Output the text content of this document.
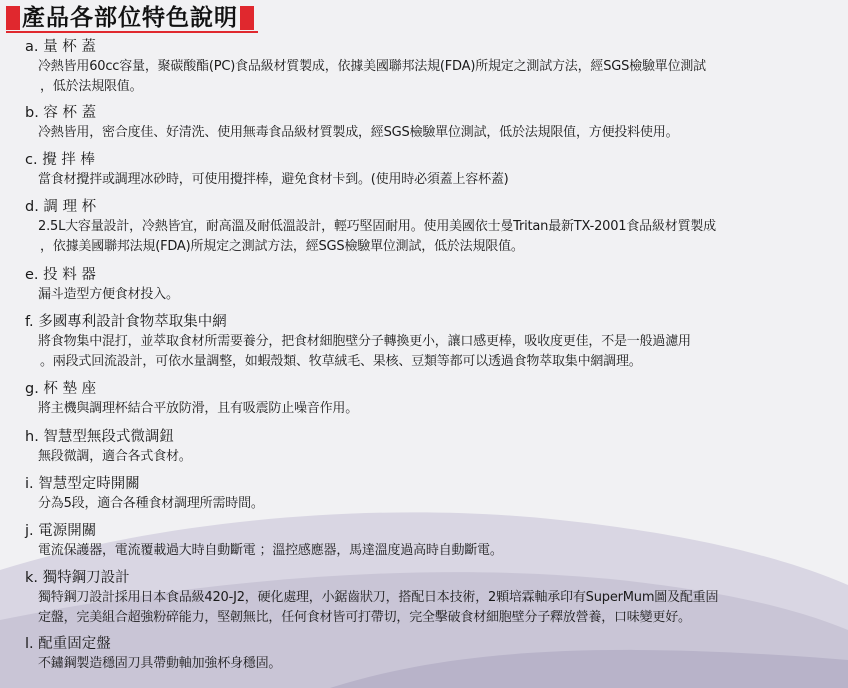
產品各部位特色說明
a. 量 杯 蓋
冷熱皆用60cc容量，聚碳酸酯(PC)食品級材質製成，依據美國聯邦法規(FDA)所規定之測試方法，經SGS檢驗單位測試
，低於法規限值。
b. 容 杯 蓋
冷熱皆用，密合度佳、好清洗、使用無毒食品級材質製成，經SGS檢驗單位測試，低於法規限值，方便投料使用。
c. 攪 拌 棒
當食材攪拌或調理冰砂時，可使用攪拌棒，避免食材卡到。(使用時必須蓋上容杯蓋)
d. 調 理 杯
2.5L大容量設計，冷熱皆宜，耐高溫及耐低溫設計，輕巧堅固耐用。使用美國依士曼Tritan最新TX-2001食品級材質製成
，依據美國聯邦法規(FDA)所規定之測試方法，經SGS檢驗單位測試，低於法規限值。
e. 投 料 器
漏斗造型方便食材投入。
f. 多國專利設計食物萃取集中網
將食物集中混打，並萃取食材所需要養分，把食材細胞壁分子轉換更小，讓口感更棒，吸收度更佳，不是一般過濾用
。兩段式回流設計，可依水量調整，如蝦殼類、牧草絨毛、果核、豆類等都可以透過食物萃取集中網調理。
g. 杯 墊 座
將主機與調理杯結合平放防滑，且有吸震防止噪音作用。
h. 智慧型無段式微調鈕
無段微調，適合各式食材。
i. 智慧型定時開關
分為5段，適合各種食材調理所需時間。
j. 電源開關
電流保護器，電流覆載過大時自動斷電 ；溫控感應器，馬達溫度過高時自動斷電。
k. 獨特鋼刀設計
獨特鋼刀設計採用日本食品級420-J2，硬化處理，小鋸齒狀刀，搭配日本技術，2顆培霖軸承印有SuperMum圖及配重固
定盤，完美組合超強粉碎能力，堅韌無比，任何食材皆可打帶切，完全擊破食材細胞壁分子釋放營養，口味變更好。
l. 配重固定盤
不鏽鋼製造穩固刀具帶動軸加強杯身穩固。
